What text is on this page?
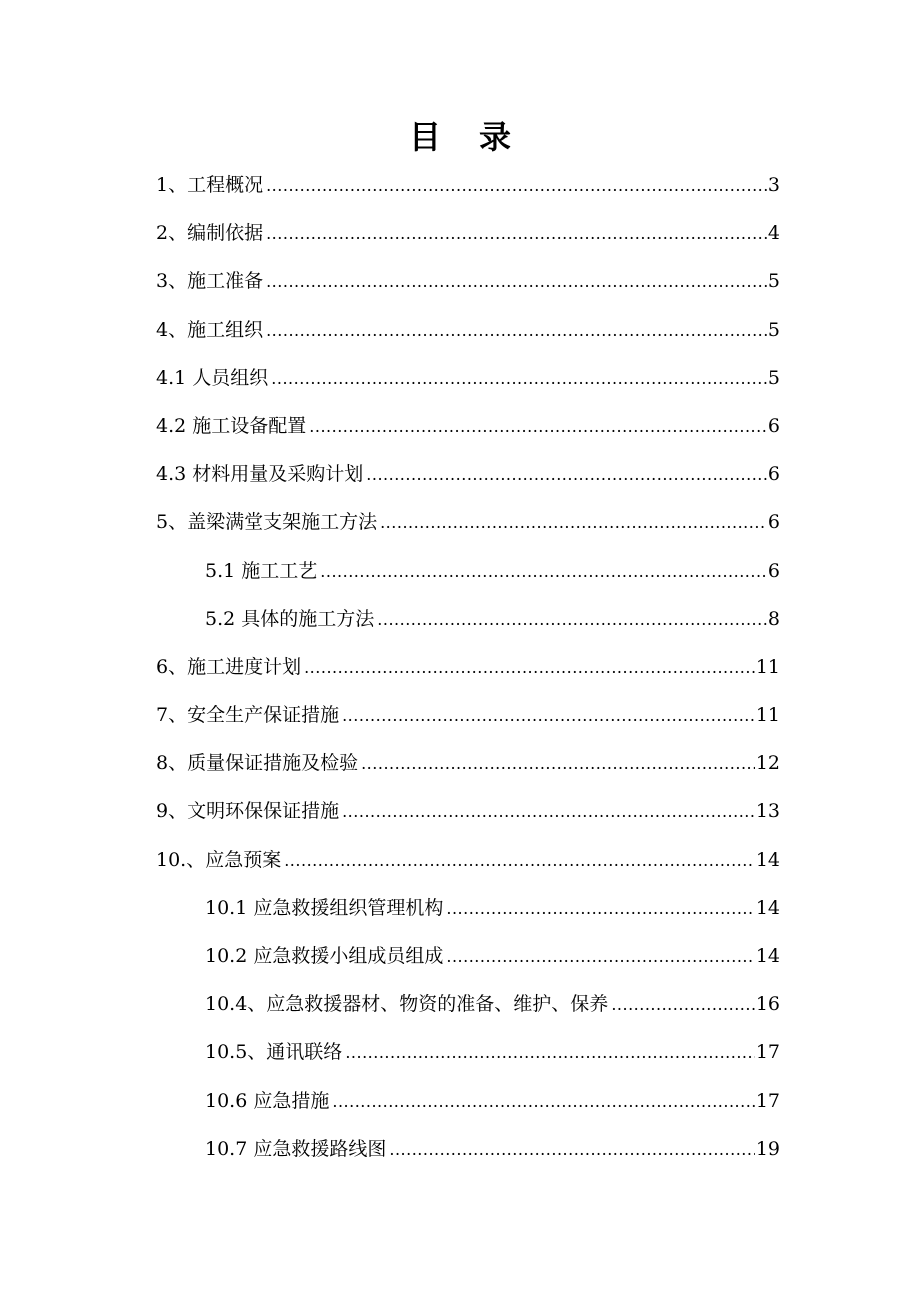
目录
1、工程概况 .....	3
2、编制依据 .....	4
3、施工准备 .....	5
4、施工组织 .....	5
4.1 人员组织 .....	5
4.2 施工设备配置 .....	6
4.3 材料用量及采购计划 .....	6
5、盖梁满堂支架施工方法 .....	6
5.1 施工工艺 .....	6
5.2 具体的施工方法 .....	8
6、施工进度计划 .....	11
7、安全生产保证措施 .....	11
8、质量保证措施及检验 .....	12
9、文明环保保证措施 .....	13
10.、应急预案 .....	14
10.1 应急救援组织管理机构 .....	14
10.2 应急救援小组成员组成 .....	14
10.4、应急救援器材、物资的准备、维护、保养 .....	16
10.5、通讯联络 .....	17
10.6 应急措施 .....	17
10.7 应急救援路线图 .....	19
